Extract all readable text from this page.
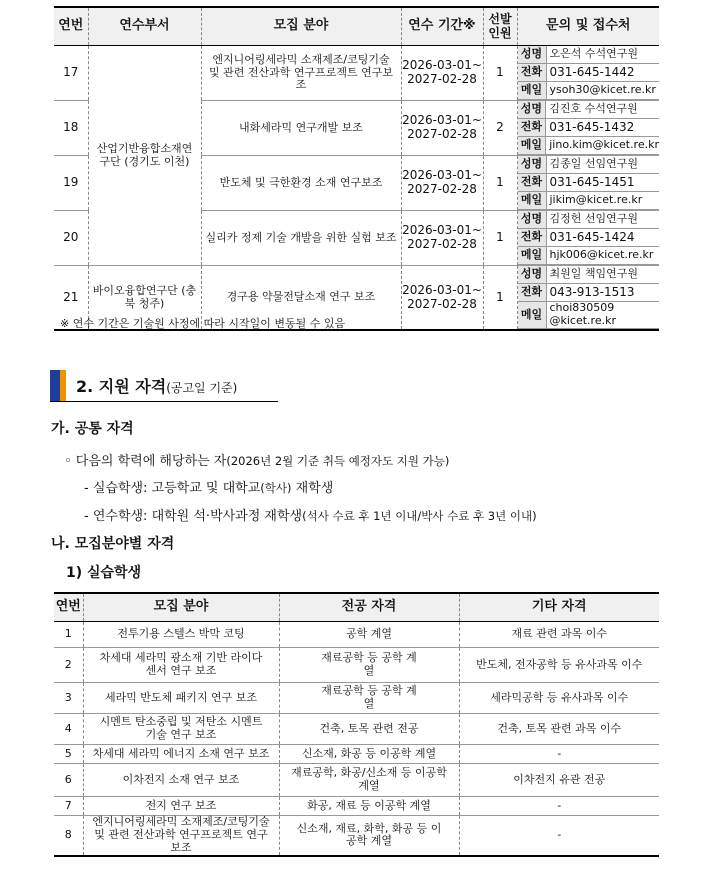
연번	연수부서	모집 분야	연수 기간※	선발 인원	문의 및 접수처
17	산업기반융합소재연구단 (경기도 이천)	엔지니어링세라믹 소재제조/코팅기술 및 관련 전산과학 연구프로젝트 연구보조	2026-03-01~ 2027-02-28	1	
성명	오은석 수석연구원
전화	031-645-1442
메일	ysoh30@kicet.re.kr

18	내화세라믹 연구개발 보조	2026-03-01~ 2027-02-28	2	
성명	김진호 수석연구원
전화	031-645-1432
메일	jino.kim@kicet.re.kr

19	반도체 및 극한환경 소재 연구보조	2026-03-01~ 2027-02-28	1	
성명	김종일 선임연구원
전화	031-645-1451
메일	jikim@kicet.re.kr

20	실리카 정제 기술 개발을 위한 실험 보조	2026-03-01~ 2027-02-28	1	
성명	김정헌 선임연구원
전화	031-645-1424
메일	hjk006@kicet.re.kr

21	바이오융합연구단 (충북 청주)	경구용 약물전달소재 연구 보조	2026-03-01~ 2027-02-28	1	
성명	최원일 책임연구원
전화	043-913-1513
메일	choi830509 @kicet.re.kr
※ 연수 기간은 기술원 사정에 따라 시작일이 변동될 수 있음
2. 지원 자격(공고일 기준)
가. 공통 자격
◦ 다음의 학력에 해당하는 자(2026년 2월 기준 취득 예정자도 지원 가능)
- 실습학생: 고등학교 및 대학교(학사) 재학생
- 연수학생: 대학원 석·박사과정 재학생(석사 수료 후 1년 이내/박사 수료 후 3년 이내)
나. 모집분야별 자격
1) 실습학생
연번	모집 분야	전공 자격	기타 자격
1	전투기용 스텔스 박막 코팅	공학 계열	재료 관련 과목 이수
2	차세대 세라믹 광소재 기반 라이다 센서 연구 보조	재료공학 등 공학 계열	반도체, 전자공학 등 유사과목 이수
3	세라믹 반도체 패키지 연구 보조	재료공학 등 공학 계열	세라믹공학 등 유사과목 이수
4	시멘트 탄소중립 및 저탄소 시멘트 기술 연구 보조	건축, 토목 관련 전공	건축, 토목 관련 과목 이수
5	차세대 세라믹 에너지 소재 연구 보조	신소재, 화공 등 이공학 계열	-
6	이차전지 소재 연구 보조	재료공학, 화공/신소재 등 이공학 계열	이차전지 유관 전공
7	전지 연구 보조	화공, 재료 등 이공학 계열	-
8	엔지니어링세라믹 소재제조/코팅기술 및 관련 전산과학 연구프로젝트 연구보조	신소재, 재료, 화학, 화공 등 이공학 계열	-
